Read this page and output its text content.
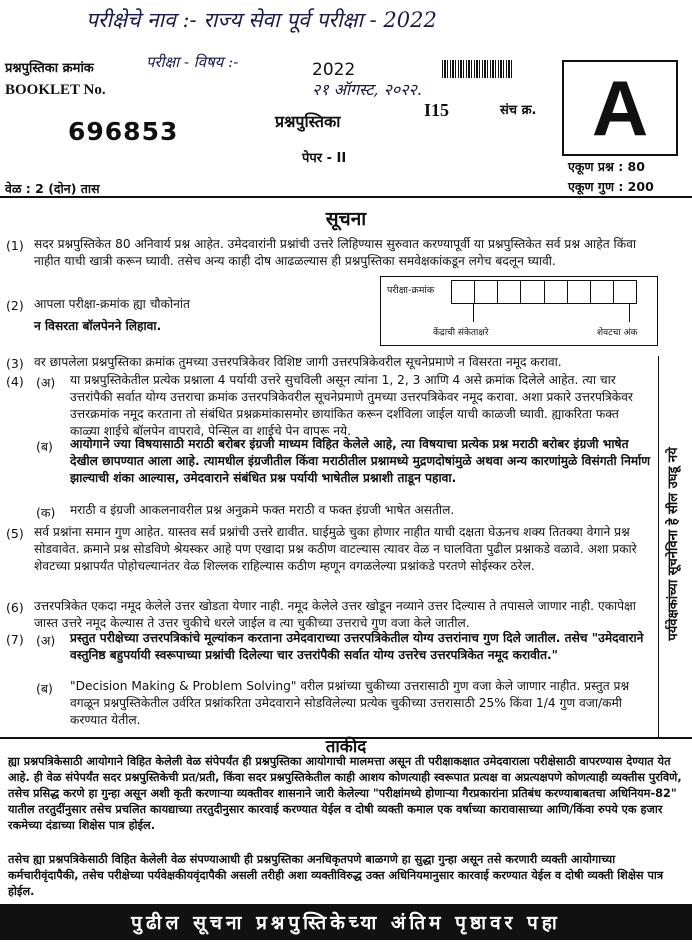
परीक्षेचे नाव :- राज्य सेवा पूर्व परीक्षा - 2022
परीक्षा - विषय :-
२१ ऑगस्ट, २०२२.
प्रश्नपुस्तिका क्रमांक
BOOKLET No.
696853
2022
प्रश्नपुस्तिका
I15	संच क्र.
पेपर - II
A
एकूण प्रश्न : 80
एकूण गुण : 200
वेळ : 2 (दोन) तास
सूचना
(1) सदर प्रश्नपुस्तिकेत 80 अनिवार्य प्रश्न आहेत. उमेदवारांनी प्रश्नांची उत्तरे लिहिण्यास सुरुवात करण्यापूर्वी या प्रश्नपुस्तिकेत सर्व प्रश्न आहेत किंवा नाहीत याची खात्री करून घ्यावी. तसेच अन्य काही दोष आढळल्यास ही प्रश्नपुस्तिका समवेक्षकांकडून लगेच बदलून घ्यावी.
(2) आपला परीक्षा-क्रमांक ह्या चौकोनांत
न विसरता बॉलपेनने लिहावा.
परीक्षा-क्रमांक
केंद्राची संकेताक्षरे	शेवटचा अंक
(3) वर छापलेला प्रश्नपुस्तिका क्रमांक तुमच्या उत्तरपत्रिकेवर विशिष्ट जागी उत्तरपत्रिकेवरील सूचनेप्रमाणे न विसरता नमूद करावा.
(4) (अ) या प्रश्नपुस्तिकेतील प्रत्येक प्रश्नाला 4 पर्यायी उत्तरे सुचविली असून त्यांना 1, 2, 3 आणि 4 असे क्रमांक दिलेले आहेत. त्या चार उत्तरांपैकी सर्वात योग्य उत्तराचा क्रमांक उत्तरपत्रिकेवरील सूचनेप्रमाणे तुमच्या उत्तरपत्रिकेवर नमूद करावा. अशा प्रकारे उत्तरपत्रिकेवर उत्तरक्रमांक नमूद करताना तो संबंधित प्रश्नक्रमांकासमोर छायांकित करून दर्शविला जाईल याची काळजी घ्यावी. ह्याकरिता फक्त काळ्या शाईचे बॉलपेन वापरावे, पेन्सिल वा शाईचे पेन वापरू नये.
(ब) आयोगाने ज्या विषयासाठी मराठी बरोबर इंग्रजी माध्यम विहित केलेले आहे, त्या विषयाचा प्रत्येक प्रश्न मराठी बरोबर इंग्रजी भाषेत देखील छापण्यात आला आहे. त्यामधील इंग्रजीतील किंवा मराठीतील प्रश्नामध्ये मुद्रणदोषांमुळे अथवा अन्य कारणांमुळे विसंगती निर्माण झाल्याची शंका आल्यास, उमेदवाराने संबंधित प्रश्न पर्यायी भाषेतील प्रश्नाशी ताडून पहावा.
(क) मराठी व इंग्रजी आकलनावरील प्रश्न अनुक्रमे फक्त मराठी व फक्त इंग्रजी भाषेत असतील.
(5) सर्व प्रश्नांना समान गुण आहेत. यास्तव सर्व प्रश्नांची उत्तरे द्यावीत. घाईमुळे चुका होणार नाहीत याची दक्षता घेऊनच शक्य तितक्या वेगाने प्रश्न सोडवावेत. क्रमाने प्रश्न सोडविणे श्रेयस्कर आहे पण एखादा प्रश्न कठीण वाटल्यास त्यावर वेळ न घालविता पुढील प्रश्नाकडे वळावे. अशा प्रकारे शेवटच्या प्रश्नापर्यंत पोहोचल्यानंतर वेळ शिल्लक राहिल्यास कठीण म्हणून वगळलेल्या प्रश्नांकडे परतणे सोईस्कर ठरेल.
(6) उत्तरपत्रिकेत एकदा नमूद केलेले उत्तर खोडता येणार नाही. नमूद केलेले उत्तर खोडून नव्याने उत्तर दिल्यास ते तपासले जाणार नाही. एकापेक्षा जास्त उत्तरे नमूद केल्यास ते उत्तर चुकीचे धरले जाईल व त्या चुकीच्या उत्तराचे गुण वजा केले जातील.
(7) (अ) प्रस्तुत परीक्षेच्या उत्तरपत्रिकांचे मूल्यांकन करताना उमेदवाराच्या उत्तरपत्रिकेतील योग्य उत्तरांनाच गुण दिले जातील. तसेच "उमेदवाराने वस्तुनिष्ठ बहुपर्यायी स्वरूपाच्या प्रश्नांची दिलेल्या चार उत्तरांपैकी सर्वात योग्य उत्तरेच उत्तरपत्रिकेत नमूद करावीत."
(ब) "Decision Making & Problem Solving" वरील प्रश्नांच्या चुकीच्या उत्तरासाठी गुण वजा केले जाणार नाहीत. प्रस्तुत प्रश्न वगळून प्रश्नपुस्तिकेतील उर्वरित प्रश्नांकरिता उमेदवाराने सोडविलेल्या प्रत्येक चुकीच्या उत्तरासाठी 25% किंवा 1/4 गुण वजा/कमी करण्यात येतील.
पर्यवेक्षकांच्या सूचनेविना हे सील उघडू नये
ताकीद
ह्या प्रश्नपत्रिकेसाठी आयोगाने विहित केलेली वेळ संपेपर्यंत ही प्रश्नपुस्तिका आयोगाची मालमत्ता असून ती परीक्षाकक्षात उमेदवाराला परीक्षेसाठी वापरण्यास देण्यात येत आहे. ही वेळ संपेपर्यंत सदर प्रश्नपुस्तिकेची प्रत/प्रती, किंवा सदर प्रश्नपुस्तिकेतील काही आशय कोणत्याही स्वरूपात प्रत्यक्ष वा अप्रत्यक्षपणे कोणत्याही व्यक्तीस पुरविणे, तसेच प्रसिद्ध करणे हा गुन्हा असून अशी कृती करणाऱ्या व्यक्तीवर शासनाने जारी केलेल्या "परीक्षांमध्ये होणाऱ्या गैरप्रकारांना प्रतिबंध करण्याबाबतचा अधिनियम-82" यातील तरतुदींनुसार तसेच प्रचलित कायद्याच्या तरतुदीनुसार कारवाई करण्यात येईल व दोषी व्यक्ती कमाल एक वर्षाच्या कारावासाच्या आणि/किंवा रुपये एक हजार रकमेच्या दंडाच्या शिक्षेस पात्र होईल.
तसेच ह्या प्रश्नपत्रिकेसाठी विहित केलेली वेळ संपण्याआधी ही प्रश्नपुस्तिका अनधिकृतपणे बाळगणे हा सुद्धा गुन्हा असून तसे करणारी व्यक्ती आयोगाच्या कर्मचारीवृंदापैकी, तसेच परीक्षेच्या पर्यवेक्षकीयवृंदापैकी असली तरीही अशा व्यक्तीविरुद्ध उक्त अधिनियमानुसार कारवाई करण्यात येईल व दोषी व्यक्ती शिक्षेस पात्र होईल.
पुढील सूचना प्रश्नपुस्तिकेच्या अंतिम पृष्ठावर पहा
